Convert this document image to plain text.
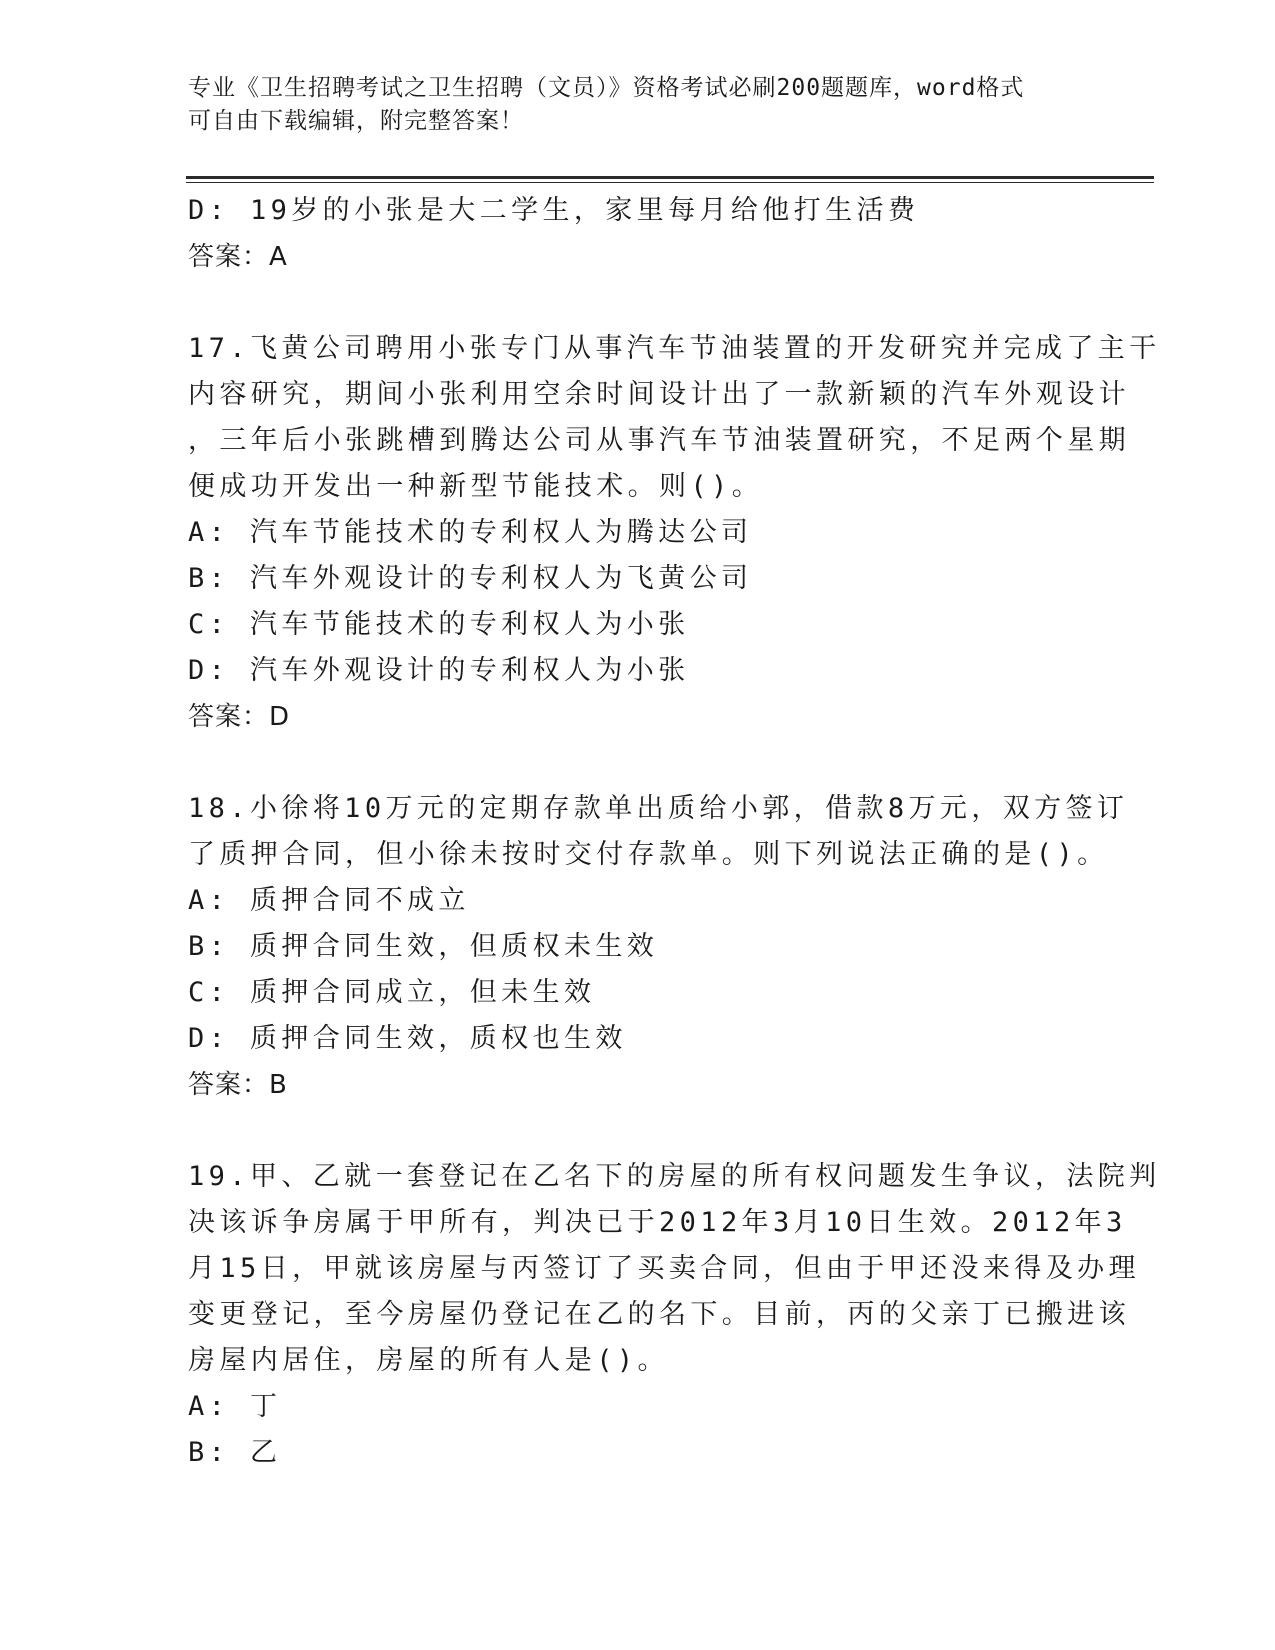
专业《卫生招聘考试之卫生招聘（文员）》资格考试必刷200题题库，word格式
可自由下载编辑，附完整答案！
D: 19岁的小张是大二学生，家里每月给他打生活费
答案：A
17.飞黄公司聘用小张专门从事汽车节油装置的开发研究并完成了主干
内容研究，期间小张利用空余时间设计出了一款新颖的汽车外观设计
，三年后小张跳槽到腾达公司从事汽车节油装置研究，不足两个星期
便成功开发出一种新型节能技术。则()。
A: 汽车节能技术的专利权人为腾达公司
B: 汽车外观设计的专利权人为飞黄公司
C: 汽车节能技术的专利权人为小张
D: 汽车外观设计的专利权人为小张
答案：D
18.小徐将10万元的定期存款单出质给小郭，借款8万元，双方签订
了质押合同，但小徐未按时交付存款单。则下列说法正确的是()。
A: 质押合同不成立
B: 质押合同生效，但质权未生效
C: 质押合同成立，但未生效
D: 质押合同生效，质权也生效
答案：B
19.甲、乙就一套登记在乙名下的房屋的所有权问题发生争议，法院判
决该诉争房属于甲所有，判决已于2012年3月10日生效。2012年3
月15日，甲就该房屋与丙签订了买卖合同，但由于甲还没来得及办理
变更登记，至今房屋仍登记在乙的名下。目前，丙的父亲丁已搬进该
房屋内居住，房屋的所有人是()。
A: 丁
B: 乙
